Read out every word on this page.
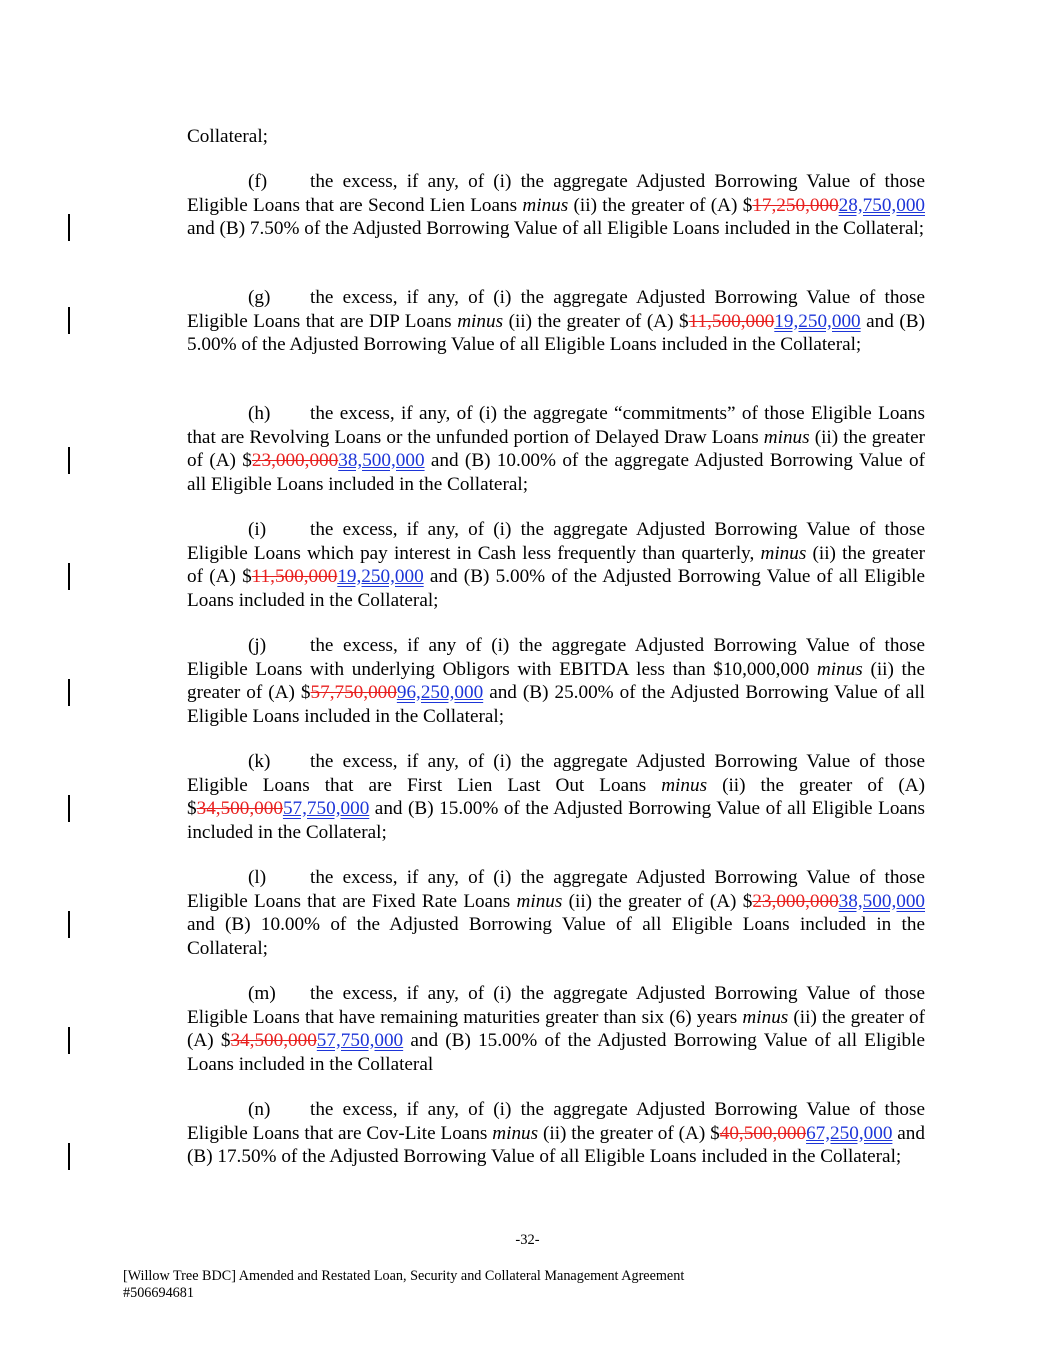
Collateral;
(f) the excess, if any, of (i) the aggregate Adjusted Borrowing Value of those Eligible Loans that are Second Lien Loans minus (ii) the greater of (A) $17,250,00028,750,000 and (B) 7.50% of the Adjusted Borrowing Value of all Eligible Loans included in the Collateral;
(g) the excess, if any, of (i) the aggregate Adjusted Borrowing Value of those Eligible Loans that are DIP Loans minus (ii) the greater of (A) $11,500,00019,250,000 and (B) 5.00% of the Adjusted Borrowing Value of all Eligible Loans included in the Collateral;
(h) the excess, if any, of (i) the aggregate “commitments” of those Eligible Loans that are Revolving Loans or the unfunded portion of Delayed Draw Loans minus (ii) the greater of (A) $23,000,00038,500,000 and (B) 10.00% of the aggregate Adjusted Borrowing Value of all Eligible Loans included in the Collateral;
(i) the excess, if any, of (i) the aggregate Adjusted Borrowing Value of those Eligible Loans which pay interest in Cash less frequently than quarterly, minus (ii) the greater of (A) $11,500,00019,250,000 and (B) 5.00% of the Adjusted Borrowing Value of all Eligible Loans included in the Collateral;
(j) the excess, if any of (i) the aggregate Adjusted Borrowing Value of those Eligible Loans with underlying Obligors with EBITDA less than $10,000,000 minus (ii) the greater of (A) $57,750,00096,250,000 and (B) 25.00% of the Adjusted Borrowing Value of all Eligible Loans included in the Collateral;
(k) the excess, if any, of (i) the aggregate Adjusted Borrowing Value of those Eligible Loans that are First Lien Last Out Loans minus (ii) the greater of (A) $34,500,00057,750,000 and (B) 15.00% of the Adjusted Borrowing Value of all Eligible Loans included in the Collateral;
(l) the excess, if any, of (i) the aggregate Adjusted Borrowing Value of those Eligible Loans that are Fixed Rate Loans minus (ii) the greater of (A) $23,000,00038,500,000 and (B) 10.00% of the Adjusted Borrowing Value of all Eligible Loans included in the Collateral;
(m) the excess, if any, of (i) the aggregate Adjusted Borrowing Value of those Eligible Loans that have remaining maturities greater than six (6) years minus (ii) the greater of (A) $34,500,00057,750,000 and (B) 15.00% of the Adjusted Borrowing Value of all Eligible Loans included in the Collateral
(n) the excess, if any, of (i) the aggregate Adjusted Borrowing Value of those Eligible Loans that are Cov-Lite Loans minus (ii) the greater of (A) $40,500,00067,250,000 and (B) 17.50% of the Adjusted Borrowing Value of all Eligible Loans included in the Collateral;
-32-
[Willow Tree BDC] Amended and Restated Loan, Security and Collateral Management Agreement
#506694681
